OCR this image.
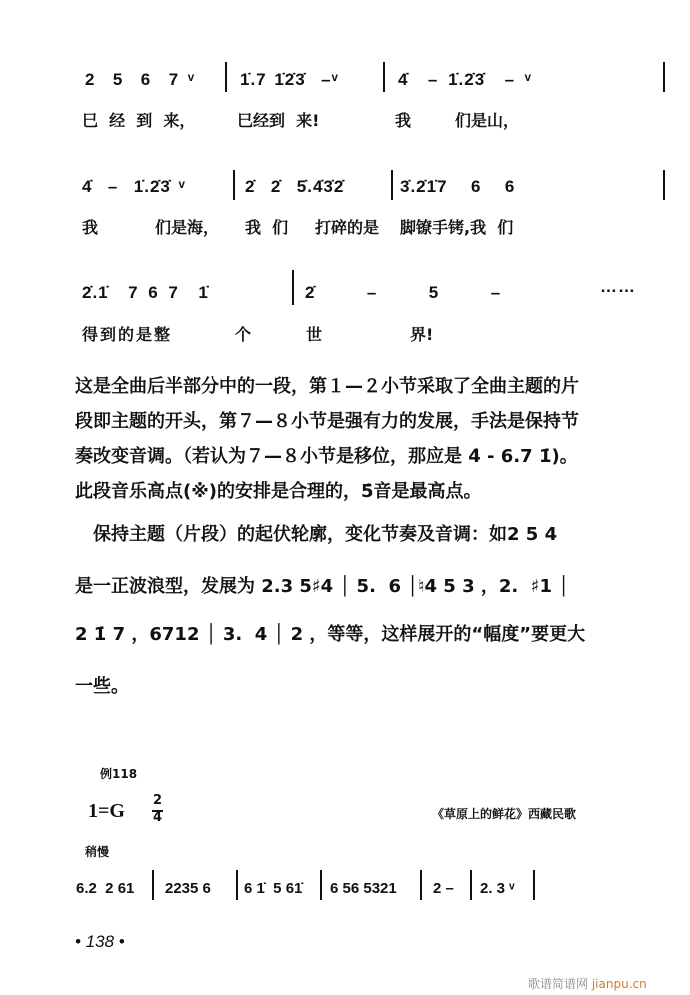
2  5  6  7 ᵛ	1̇.7 1̇2̇3̇  –ᵛ	4̇  – 1̇.2̇3̇  – ᵛ
巳  经  到  来，	巳经到  来!	我	们是山，
4̇  –  1̇.2̇3̇ ᵛ	2̇  2̇  5̇.4̇3̇2̇	3̇.2̇1̇7  6  6
我	们是海， 我  们 打碎的是 脚镣手铐,我  们
2̇.1̇  7 6 7  1̇	2̇  –  5  –	……
得到的是整	个	世	界!
这是全曲后半部分中的一段，第１—２小节采取了全曲主题的片
段即主题的开头，第７—８小节是强有力的发展，手法是保持节
奏改变音调。（若认为７—８小节是移位，那应是 4̇ - 6.7 1̇)。
此段音乐高点(※)的安排是合理的，5̇音是最高点。
　保持主题（片段）的起伏轮廓，变化节奏及音调：如2 5 4
是一正波浪型，发展为 2.3 5♯4 │ 5.  6 │♮4 5 3 ，2.  ♯1 │
2 1̇ 7 ，6712 │ 3.  4 │ 2 ，等等，这样展开的“幅度”要更大
一些。
例118
1=G 2
4	《草原上的鲜花》西藏民歌
稍慢
6.2  2 61 2235 6 6 1̇  5 61̇ 6 56 5321 2 – 2. 3 ᵛ
• 138 •
歌谱简谱网 jianpu.cn
